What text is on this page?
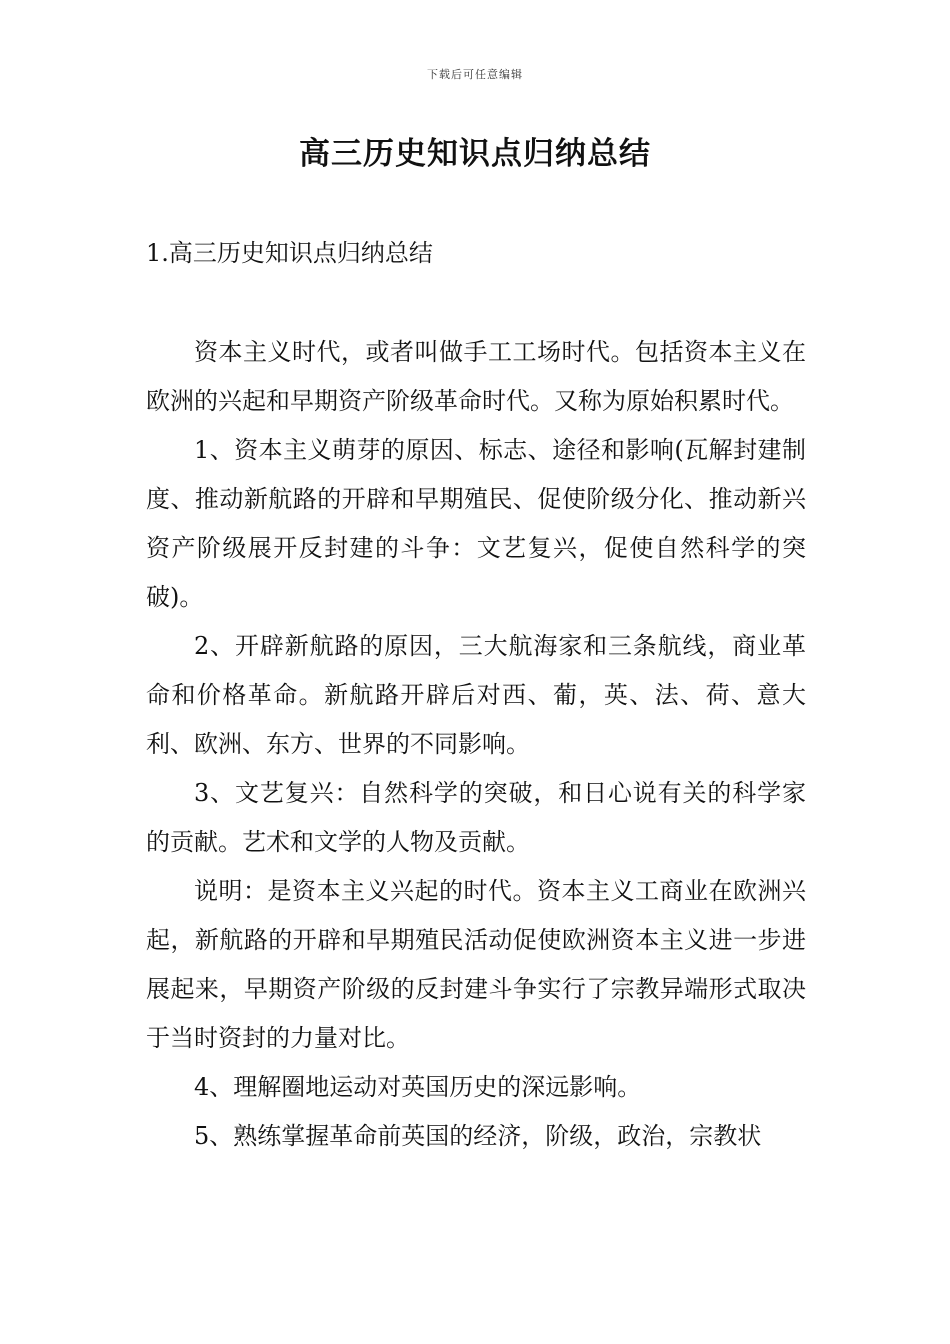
下载后可任意编辑
高三历史知识点归纳总结
1.高三历史知识点归纳总结

资本主义时代，或者叫做手工工场时代。包括资本主义在欧洲的兴起和早期资产阶级革命时代。又称为原始积累时代。

1、资本主义萌芽的原因、标志、途径和影响(瓦解封建制度、推动新航路的开辟和早期殖民、促使阶级分化、推动新兴资产阶级展开反封建的斗争：文艺复兴，促使自然科学的突破)。

2、开辟新航路的原因，三大航海家和三条航线，商业革命和价格革命。新航路开辟后对西、葡，英、法、荷、意大利、欧洲、东方、世界的不同影响。

3、文艺复兴：自然科学的突破，和日心说有关的科学家的贡献。艺术和文学的人物及贡献。

说明：是资本主义兴起的时代。资本主义工商业在欧洲兴起，新航路的开辟和早期殖民活动促使欧洲资本主义进一步进展起来，早期资产阶级的反封建斗争实行了宗教异端形式取决于当时资封的力量对比。

4、理解圈地运动对英国历史的深远影响。

5、熟练掌握革命前英国的经济，阶级，政治，宗教状
